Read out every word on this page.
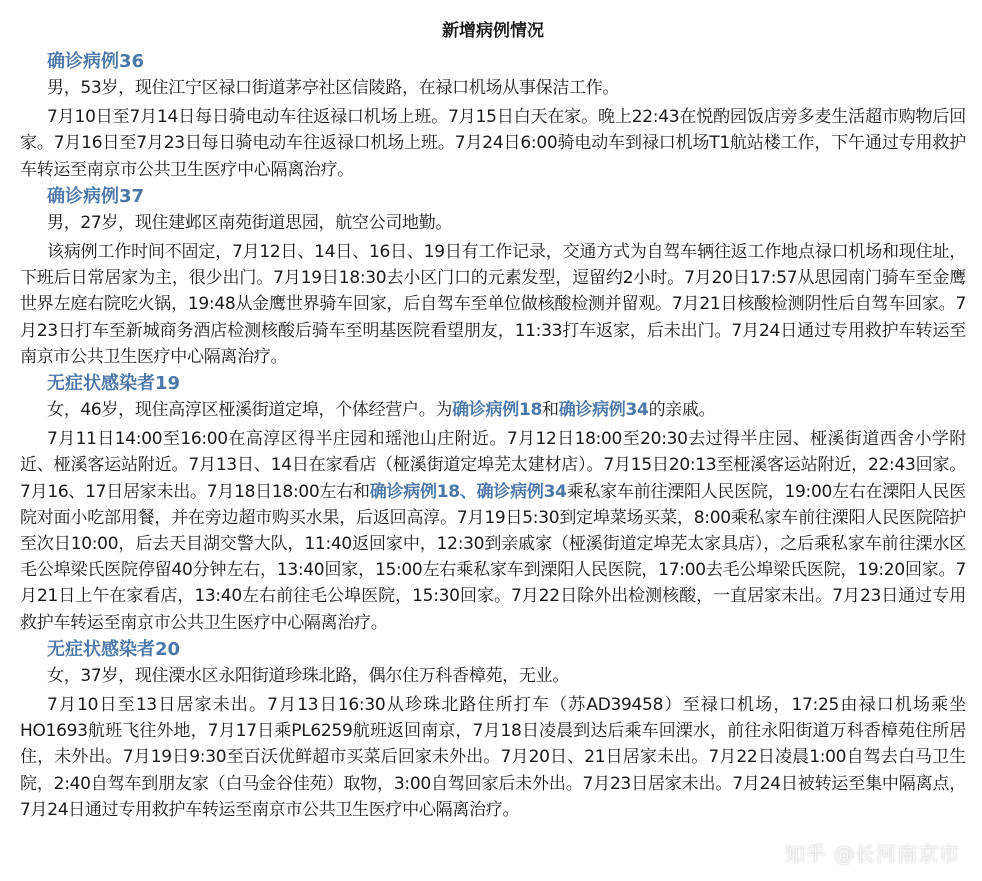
新增病例情况

确诊病例36

男，53岁，现住江宁区禄口街道茅亭社区信陵路，在禄口机场从事保洁工作。

7月10日至7月14日每日骑电动车往返禄口机场上班。7月15日白天在家。晚上22:43在悦酌园饭店旁多麦生活超市购物后回家。7月16日至7月23日每日骑电动车往返禄口机场上班。7月24日6:00骑电动车到禄口机场T1航站楼工作，下午通过专用救护车转运至南京市公共卫生医疗中心隔离治疗。

确诊病例37

男，27岁，现住建邺区南苑街道思园，航空公司地勤。

该病例工作时间不固定，7月12日、14日、16日、19日有工作记录，交通方式为自驾车辆往返工作地点禄口机场和现住址，下班后日常居家为主，很少出门。7月19日18:30去小区门口的元素发型，逗留约2小时。7月20日17:57从思园南门骑车至金鹰世界左庭右院吃火锅，19:48从金鹰世界骑车回家，后自驾车至单位做核酸检测并留观。7月21日核酸检测阴性后自驾车回家。7月23日打车至新城商务酒店检测核酸后骑车至明基医院看望朋友，11:33打车返家，后未出门。7月24日通过专用救护车转运至南京市公共卫生医疗中心隔离治疗。

无症状感染者19

女，46岁，现住高淳区桠溪街道定埠，个体经营户。为确诊病例18和确诊病例34的亲戚。

7月11日14:00至16:00在高淳区得半庄园和瑶池山庄附近。7月12日18:00至20:30去过得半庄园、桠溪街道西舍小学附近、桠溪客运站附近。7月13日、14日在家看店（桠溪街道定埠芜太建材店）。7月15日20:13至桠溪客运站附近，22:43回家。7月16、17日居家未出。7月18日18:00左右和确诊病例18、确诊病例34乘私家车前往溧阳人民医院，19:00左右在溧阳人民医院对面小吃部用餐，并在旁边超市购买水果，后返回高淳。7月19日5:30到定埠菜场买菜，8:00乘私家车前往溧阳人民医院陪护至次日10:00，后去天目湖交警大队，11:40返回家中，12:30到亲戚家（桠溪街道定埠芜太家具店），之后乘私家车前往溧水区毛公埠梁氏医院停留40分钟左右，13:40回家，15:00左右乘私家车到溧阳人民医院，17:00去毛公埠梁氏医院，19:20回家。7月21日上午在家看店，13:40左右前往毛公埠医院，15:30回家。7月22日除外出检测核酸，一直居家未出。7月23日通过专用救护车转运至南京市公共卫生医疗中心隔离治疗。

无症状感染者20

女，37岁，现住溧水区永阳街道珍珠北路，偶尔住万科香樟苑，无业。

7月10日至13日居家未出。7月13日16:30从珍珠北路住所打车（苏AD39458）至禄口机场，17:25由禄口机场乘坐HO1693航班飞往外地，7月17日乘PL6259航班返回南京，7月18日凌晨到达后乘车回溧水，前往永阳街道万科香樟苑住所居住，未外出。7月19日9:30至百沃优鲜超市买菜后回家未外出。7月20日、21日居家未出。7月22日凌晨1:00自驾去白马卫生院，2:40自驾车到朋友家（白马金谷佳苑）取物，3:00自驾回家后未外出。7月23日居家未出。7月24日被转运至集中隔离点，7月24日通过专用救护车转运至南京市公共卫生医疗中心隔离治疗。

知乎 @长河南京市
